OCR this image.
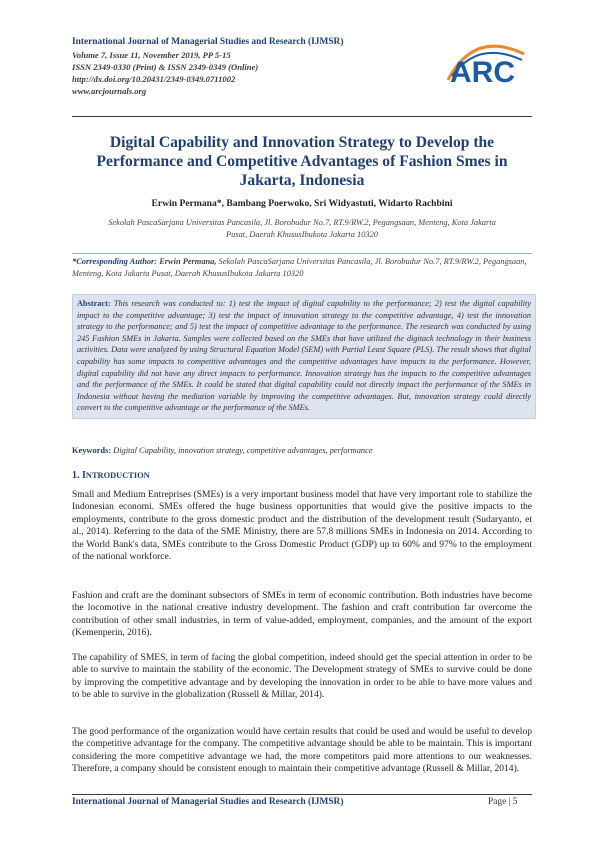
International Journal of Managerial Studies and Research (IJMSR)
Volume 7, Issue 11, November 2019, PP 5-15
ISSN 2349-0330 (Print) & ISSN 2349-0349 (Online)
http://dx.doi.org/10.20431/2349-0349.0711002
www.arcjournals.org
ARC
Digital Capability and Innovation Strategy to Develop the Performance and Competitive Advantages of Fashion Smes in Jakarta, Indonesia
Erwin Permana*, Bambang Poerwoko, Sri Widyastuti, Widarto Rachbini
Sekolah PascaSarjana Universitas Pancasila, Jl. Borobudur No.7, RT.9/RW.2, Pegangsaan, Menteng, Kota Jakarta Pusat, Daerah KhususIbukota Jakarta 10320
*Corresponding Author: Erwin Permana, Sekolah PascaSarjana Universitas Pancasila, Jl. Borobudur No.7, RT.9/RW.2, Pegangsaan, Menteng, Kota Jakarta Pusat, Daerah KhususIbukota Jakarta 10320
Abstract: This research was conducted to: 1) test the impact of digital capability to the performance; 2) test the digital capability impact to the competitive advantage; 3) test the impact of innovation strategy to the competitive advantage, 4) test the innovation strategy to the performance; and 5) test the impact of competitive advantage to the performance. The research was conducted by using 245 Fashion SMEs in Jakarta. Samples were collected based on the SMEs that have utilized the digitack technology in their business activities. Data were analyzed by using Structural Equation Model (SEM) with Partial Least Square (PLS). The result shows that digital capability has some impacts to competitive advantages and the competitive advantages have impacts to the performance. However, digital capability did not have any direct impacts to performance. Innovation strategy has the impacts to the competitive advantages and the performance of the SMEs. It could be stated that digital capability could not directly impact the performance of the SMEs in Indonesia without having the mediation variable by improving the competitive advantages. But, innovation strategy could directly convert to the competitive advantage or the performance of the SMEs.
Keywords: Digital Capability, innovation strategy, competitive advantages, performance
1. INTRODUCTION

Small and Medium Entreprises (SMEs) is a very important business model that have very important role to stabilize the Indonesian economi. SMEs offered the huge business opportunities that would give the positive impacts to the employments, contribute to the gross domestic product and the distribution of the development result (Sudaryanto, et al., 2014). Referring to the data of the SME Ministry, there are 57.8 millions SMEs in Indonesia on 2014. According to the World Bank's data, SMEs contribute to the Gross Domestic Product (GDP) up to 60% and 97% to the employment of the national workforce.

Fashion and craft are the dominant subsectors of SMEs in term of economic contribution. Both industries have become the locomotive in the national creative industry development. The fashion and craft contribution far overcome the contribution of other small industries, in term of value-added, employment, companies, and the amount of the export (Kemenperin, 2016).

The capability of SMES, in term of facing the global competition, indeed should get the special attention in order to be able to survive to maintain the stability of the economic. The Development strategy of SMEs to survive could be done by improving the competitive advantage and by developing the innovation in order to be able to have more values and to be able to survive in the globalization (Russell & Millar, 2014).

The good performance of the organization would have certain results that could be used and would be useful to develop the competitive advantage for the company. The competitive advantage should be able to be maintain. This is important considering the more competitive advantage we had, the more competitors paid more attentions to our weaknesses. Therefore, a company should be consistent enough to maintain their competitive advantage (Russell & Millar, 2014).

International Journal of Managerial Studies and Research (IJMSR)	Page | 5
